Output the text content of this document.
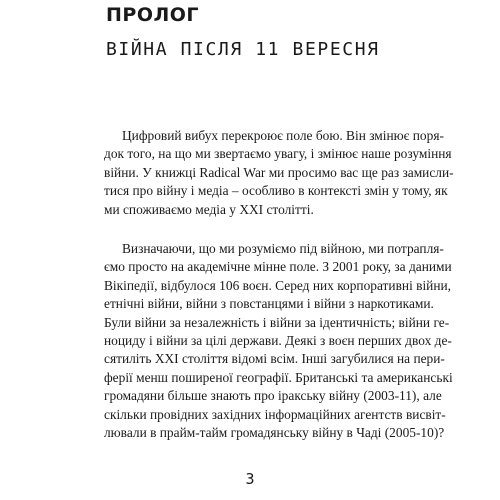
ПРОЛОГ
ВІЙНА ПІСЛЯ 11 ВЕРЕСНЯ
Цифровий вибух перекроює поле бою. Він змінює поря-
док того, на що ми звертаємо увагу, і змінює наше розуміння
війни. У книжці Radical War ми просимо вас ще раз замисли-
тися про війну і медіа – особливо в контексті змін у тому, як
ми споживаємо медіа у XXI столітті.
Визначаючи, що ми розуміємо під війною, ми потрапля-
ємо просто на академічне мінне поле. З 2001 року, за даними
Вікіпедії, відбулося 106 воєн. Серед них корпоративні війни,
етнічні війни, війни з повстанцями і війни з наркотиками.
Були війни за незалежність і війни за ідентичність; війни ге-
ноциду і війни за цілі держави. Деякі з воєн перших двох де-
сятиліть XXI століття відомі всім. Інші загубилися на пери-
ферії менш поширеної географії. Британські та американські
громадяни більше знають про іракську війну (2003-11), але
скільки провідних західних інформаційних агентств висвіт-
лювали в прайм-тайм громадянську війну в Чаді (2005-10)?
3
